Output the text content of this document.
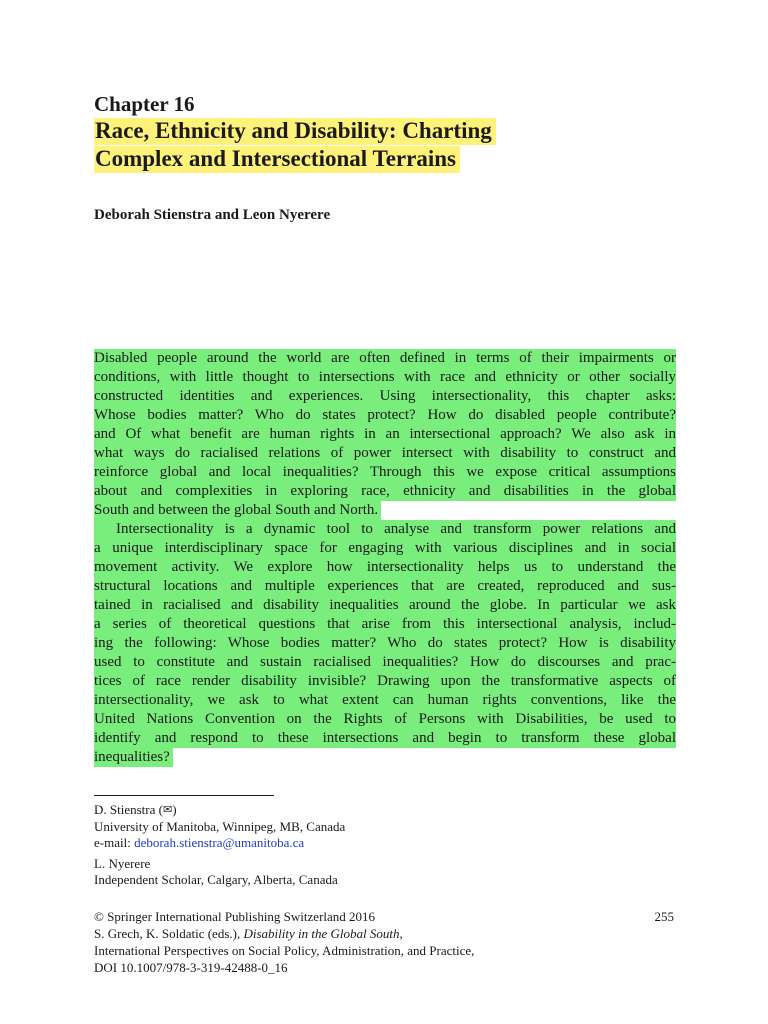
Chapter 16
Race, Ethnicity and Disability: Charting
Complex and Intersectional Terrains
Deborah Stienstra and Leon Nyerere
Disabled people around the world are often defined in terms of their impairments or
conditions, with little thought to intersections with race and ethnicity or other socially
constructed identities and experiences. Using intersectionality, this chapter asks:
Whose bodies matter? Who do states protect? How do disabled people contribute?
and Of what benefit are human rights in an intersectional approach? We also ask in
what ways do racialised relations of power intersect with disability to construct and
reinforce global and local inequalities? Through this we expose critical assumptions
about and complexities in exploring race, ethnicity and disabilities in the global
South and between the global South and North.
Intersectionality is a dynamic tool to analyse and transform power relations and
a unique interdisciplinary space for engaging with various disciplines and in social
movement activity. We explore how intersectionality helps us to understand the
structural locations and multiple experiences that are created, reproduced and sus-
tained in racialised and disability inequalities around the globe. In particular we ask
a series of theoretical questions that arise from this intersectional analysis, includ-
ing the following: Whose bodies matter? Who do states protect? How is disability
used to constitute and sustain racialised inequalities? How do discourses and prac-
tices of race render disability invisible? Drawing upon the transformative aspects of
intersectionality, we ask to what extent can human rights conventions, like the
United Nations Convention on the Rights of Persons with Disabilities, be used to
identify and respond to these intersections and begin to transform these global
inequalities?
D. Stienstra (✉)
University of Manitoba, Winnipeg, MB, Canada
e-mail: deborah.stienstra@umanitoba.ca
L. Nyerere
Independent Scholar, Calgary, Alberta, Canada
© Springer International Publishing Switzerland 2016	255
S. Grech, K. Soldatic (eds.), Disability in the Global South,
International Perspectives on Social Policy, Administration, and Practice,
DOI 10.1007/978-3-319-42488-0_16
